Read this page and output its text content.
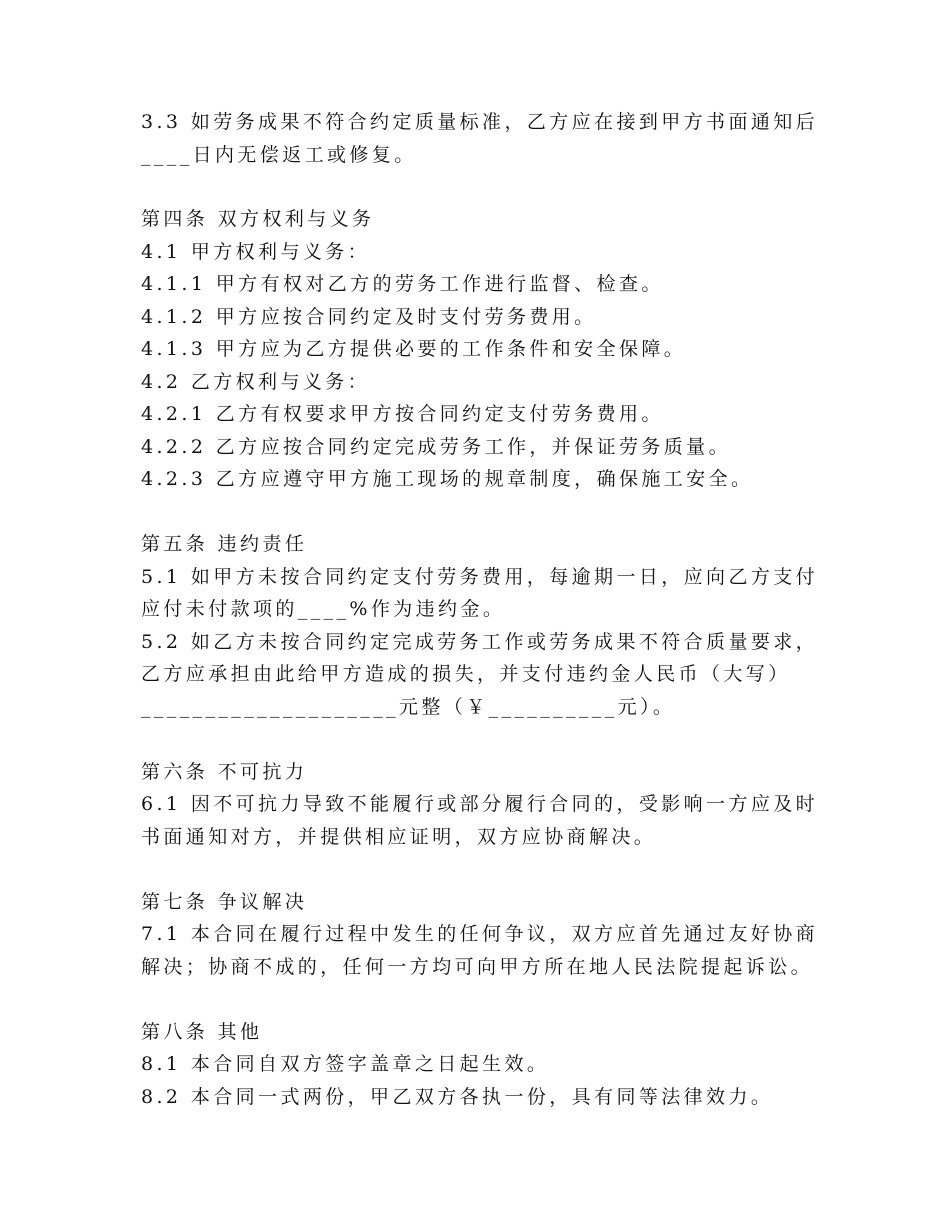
3.3 如劳务成果不符合约定质量标准，乙方应在接到甲方书面通知后
____日内无偿返工或修复。
第四条 双方权利与义务
4.1 甲方权利与义务：
4.1.1 甲方有权对乙方的劳务工作进行监督、检查。
4.1.2 甲方应按合同约定及时支付劳务费用。
4.1.3 甲方应为乙方提供必要的工作条件和安全保障。
4.2 乙方权利与义务：
4.2.1 乙方有权要求甲方按合同约定支付劳务费用。
4.2.2 乙方应按合同约定完成劳务工作，并保证劳务质量。
4.2.3 乙方应遵守甲方施工现场的规章制度，确保施工安全。
第五条 违约责任
5.1 如甲方未按合同约定支付劳务费用，每逾期一日，应向乙方支付
应付未付款项的____%作为违约金。
5.2 如乙方未按合同约定完成劳务工作或劳务成果不符合质量要求，
乙方应承担由此给甲方造成的损失，并支付违约金人民币（大写）
____________________元整（￥__________元）。
第六条 不可抗力
6.1 因不可抗力导致不能履行或部分履行合同的，受影响一方应及时
书面通知对方，并提供相应证明，双方应协商解决。
第七条 争议解决
7.1 本合同在履行过程中发生的任何争议，双方应首先通过友好协商
解决；协商不成的，任何一方均可向甲方所在地人民法院提起诉讼。
第八条 其他
8.1 本合同自双方签字盖章之日起生效。
8.2 本合同一式两份，甲乙双方各执一份，具有同等法律效力。
